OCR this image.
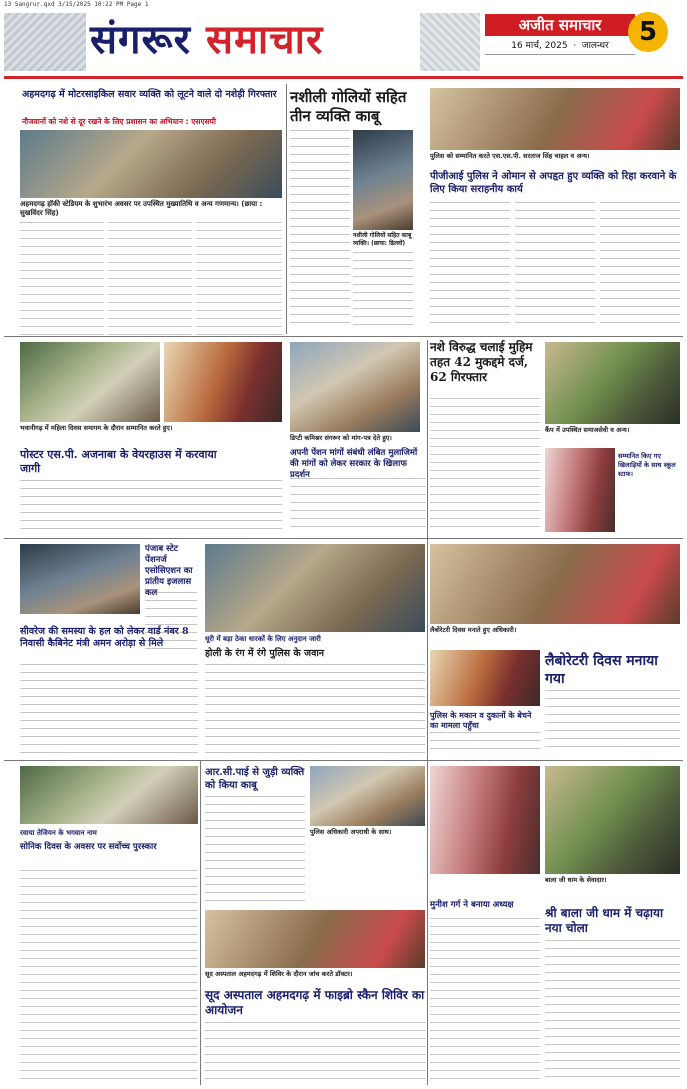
13 Sangrur.qxd 3/15/2025 10:22 PM Page 1
संगरूर समाचार	अजीत समाचार
16 मार्च, 2025  ·  जालन्धर	5
अहमदगढ़ में मोटरसाइकिल सवार व्यक्ति को लूटने वाले दो नशेड़ी गिरफ्तार
नौजवानों को नशे से दूर रखने के लिए प्रशासन का अभियान : एसएसपी
अहमदगढ़ हॉकी स्टेडियम के शुभारंभ अवसर पर उपस्थित मुख्यातिथि व अन्य गणमान्य। (छाया : सुखविंदर सिंह)
नशीली गोलियों सहित तीन व्यक्ति काबू
नशीली गोलियों सहित काबू व्यक्ति। (छाया: ढिल्लों)
पुलिस को सम्मानित करते एस.एस.पी. सरताज सिंह चाहल व अन्य।
पीजीआई पुलिस ने ओमान से अपहृत हुए व्यक्ति को रिहा करवाने के लिए किया सराहनीय कार्य
भवानीगढ़ में महिला दिवस समागम के दौरान सम्मानित करते हुए।
पोस्टर एस.पी. अजनाबा के वेयरहाउस में करवाया जागी
डिप्टी कमिश्नर संगरूर को मांग-पत्र देते हुए।
अपनी पेंशन मांगों संबंधी लंबित मुलाजिमों की मांगों को लेकर सरकार के खिलाफ प्रदर्शन
नशे विरुद्ध चलाई मुहिम तहत 42 मुकद्दमे दर्ज, 62 गिरफ्तार
कैंप में उपस्थित समाजसेवी व अन्य।
सम्मानित किए गए खिलाड़ियों के साथ स्कूल स्टाफ।
सीवरेज की समस्या के हल को लेकर वार्ड नंबर 8 निवासी कैबिनेट मंत्री अमन अरोड़ा से मिले
पंजाब स्टेट पेंशनर्ज एसोसिएशन का प्रांतीय इजलास कल
धूरी में बड़ा ठेका धारकों के लिए अनुदान जारी
होली के रंग में रंगे पुलिस के जवान
लैबोरेटरी दिवस मनाते हुए अधिकारी।
लैबोरेटरी दिवस मनाया गया
पुलिस के मकान व दुकानों के बेचने का मामला पहुँचा
रवाया तेजियन के भगवान नाम
सोनिक दिवस के अवसर पर सर्वोच्च पुरस्कार
आर.सी.पाई से जुड़ी व्यक्ति को किया काबू
पुलिस अधिकारी अपराधी के साथ।
मुनीश गर्ग ने बनाया अध्यक्ष
बाला जी धाम के सेवादार।
श्री बाला जी धाम में चढ़ाया नया चोला
सूद अस्पताल अहमदगढ़ में शिविर के दौरान जांच करते डॉक्टर।
सूद अस्पताल अहमदगढ़ में फाइब्रो स्कैन शिविर का आयोजन
